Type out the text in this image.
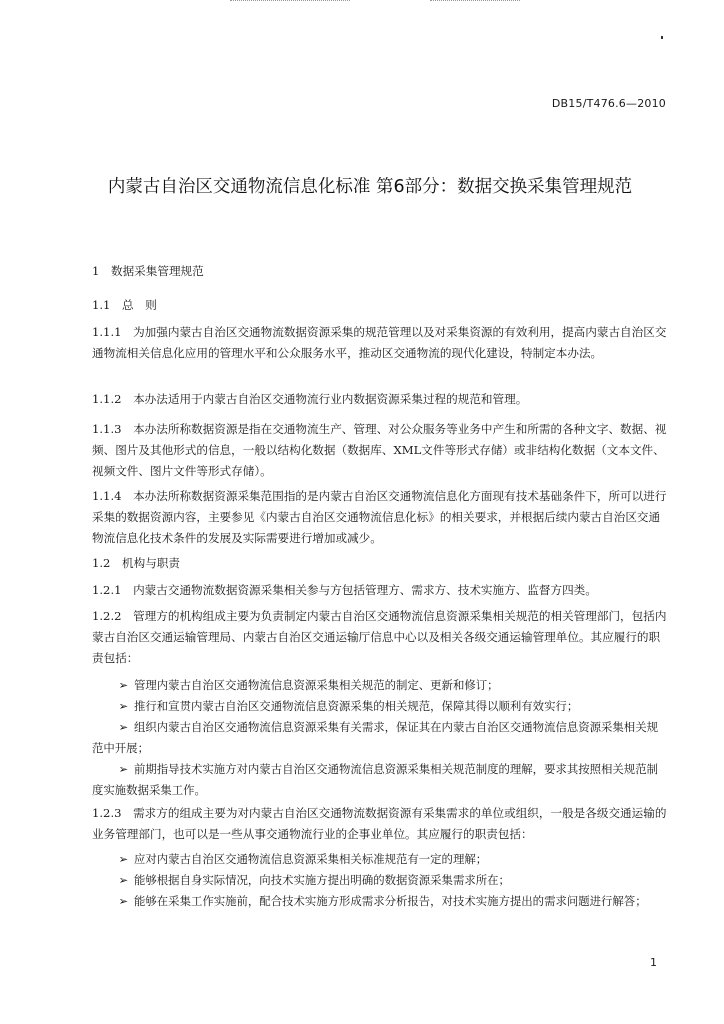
DB15/T476.6—2010
内蒙古自治区交通物流信息化标准 第6部分：数据交换采集管理规范
1　数据采集管理规范
1.1　总　则
1.1.1　为加强内蒙古自治区交通物流数据资源采集的规范管理以及对采集资源的有效利用，提高内蒙古自治区交通物流相关信息化应用的管理水平和公众服务水平，推动区交通物流的现代化建设，特制定本办法。
1.1.2　本办法适用于内蒙古自治区交通物流行业内数据资源采集过程的规范和管理。
1.1.3　本办法所称数据资源是指在交通物流生产、管理、对公众服务等业务中产生和所需的各种文字、数据、视频、图片及其他形式的信息，一般以结构化数据（数据库、XML文件等形式存储）或非结构化数据（文本文件、视频文件、图片文件等形式存储）。
1.1.4　本办法所称数据资源采集范围指的是内蒙古自治区交通物流信息化方面现有技术基础条件下，所可以进行采集的数据资源内容，主要参见《内蒙古自治区交通物流信息化标》的相关要求，并根据后续内蒙古自治区交通物流信息化技术条件的发展及实际需要进行增加或减少。
1.2　机构与职责
1.2.1　内蒙古交通物流数据资源采集相关参与方包括管理方、需求方、技术实施方、监督方四类。
1.2.2　管理方的机构组成主要为负责制定内蒙古自治区交通物流信息资源采集相关规范的相关管理部门，包括内蒙古自治区交通运输管理局、内蒙古自治区交通运输厅信息中心以及相关各级交通运输管理单位。其应履行的职责包括：
➢ 管理内蒙古自治区交通物流信息资源采集相关规范的制定、更新和修订；
➢ 推行和宣贯内蒙古自治区交通物流信息资源采集的相关规范，保障其得以顺利有效实行；
➢ 组织内蒙古自治区交通物流信息资源采集有关需求，保证其在内蒙古自治区交通物流信息资源采集相关规范中开展；
➢ 前期指导技术实施方对内蒙古自治区交通物流信息资源采集相关规范制度的理解，要求其按照相关规范制度实施数据采集工作。
1.2.3　需求方的组成主要为对内蒙古自治区交通物流数据资源有采集需求的单位或组织，一般是各级交通运输的业务管理部门，也可以是一些从事交通物流行业的企事业单位。其应履行的职责包括：
➢ 应对内蒙古自治区交通物流信息资源采集相关标准规范有一定的理解；
➢ 能够根据自身实际情况，向技术实施方提出明确的数据资源采集需求所在；
➢ 能够在采集工作实施前，配合技术实施方形成需求分析报告，对技术实施方提出的需求问题进行解答；
1
